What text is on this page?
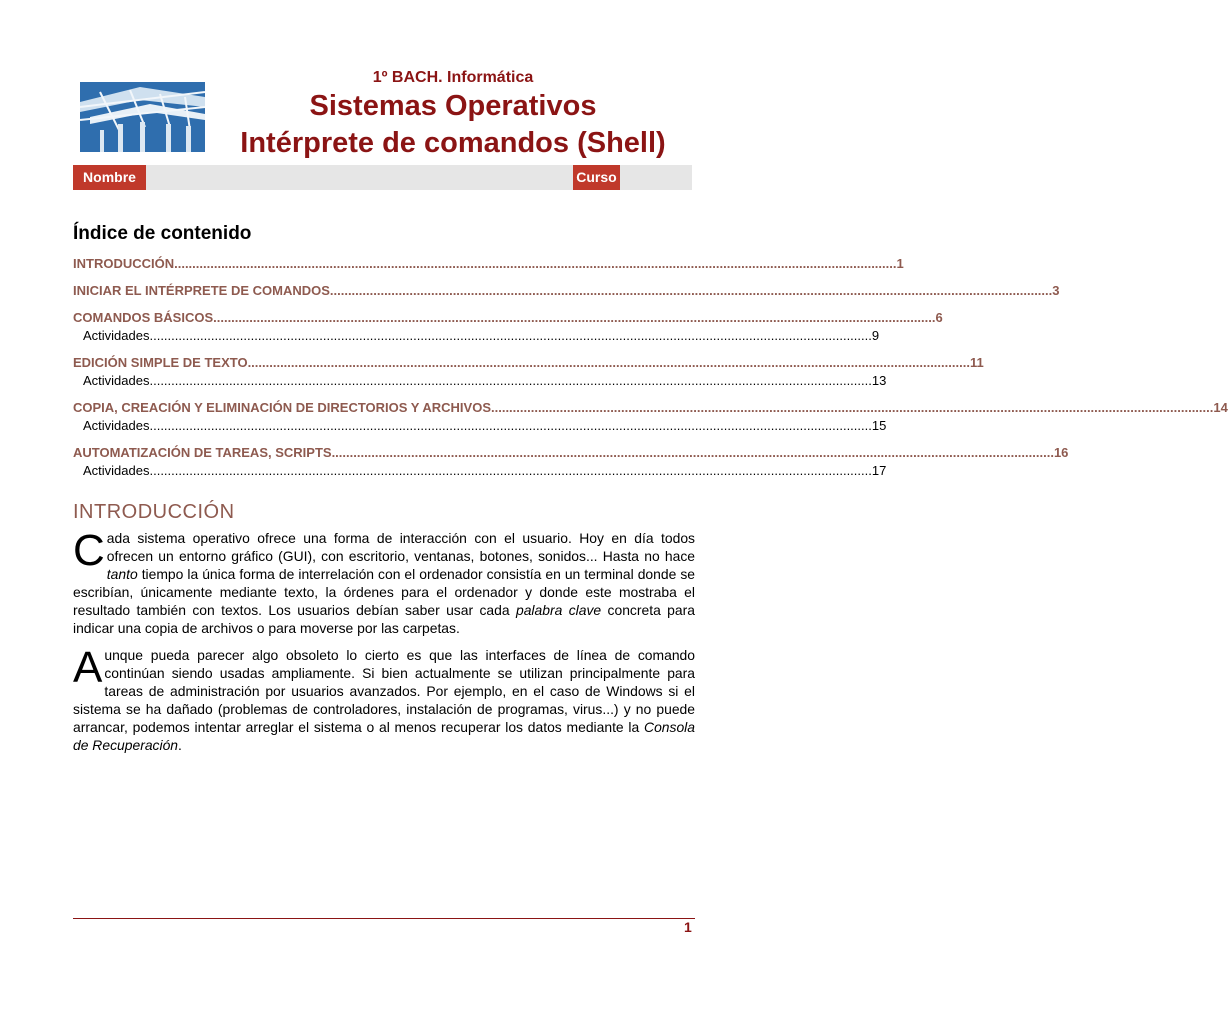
1º BACH. Informática
Sistemas Operativos
Intérprete de comandos (Shell)
Nombre	Curso
Índice de contenido
INTRODUCCIÓN ........................................................................................................................................................................................................ 1
INICIAR EL INTÉRPRETE DE COMANDOS ........................................................................................................................................................................................................ 3
COMANDOS BÁSICOS ........................................................................................................................................................................................................ 6
Actividades ........................................................................................................................................................................................................ 9
EDICIÓN SIMPLE DE TEXTO ........................................................................................................................................................................................................ 11
Actividades ........................................................................................................................................................................................................ 13
COPIA, CREACIÓN Y ELIMINACIÓN DE DIRECTORIOS Y ARCHIVOS ........................................................................................................................................................................................................ 14
Actividades ........................................................................................................................................................................................................ 15
AUTOMATIZACIÓN DE TAREAS, SCRIPTS ........................................................................................................................................................................................................ 16
Actividades ........................................................................................................................................................................................................ 17
INTRODUCCIÓN
Cada sistema operativo ofrece una forma de interacción con el usuario. Hoy en día todos ofrecen un entorno gráfico (GUI), con escritorio, ventanas, botones, sonidos... Hasta no hace tanto tiempo la única forma de interrelación con el ordenador consistía en un terminal donde se escribían, únicamente mediante texto, la órdenes para el ordenador y donde este mostraba el resultado también con textos. Los usuarios debían saber usar cada palabra clave concreta para indicar una copia de archivos o para moverse por las carpetas.
Aunque pueda parecer algo obsoleto lo cierto es que las interfaces de línea de comando continúan siendo usadas ampliamente. Si bien actualmente se utilizan principalmente para tareas de administración por usuarios avanzados. Por ejemplo, en el caso de Windows si el sistema se ha dañado (problemas de controladores, instalación de programas, virus...) y no puede arrancar, podemos intentar arreglar el sistema o al menos recuperar los datos mediante la Consola de Recuperación.
1
